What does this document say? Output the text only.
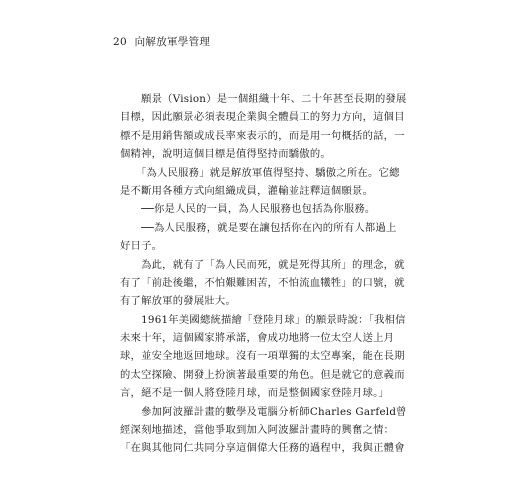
20 向解放軍學管理
　　願景（Vision）是一個組織十年、二十年甚至長期的發展
目標，因此願景必須表現企業與全體員工的努力方向，這個目
標不是用銷售額或成長率來表示的，而是用一句概括的話，一
個精神，說明這個目標是值得堅持而驕傲的。
　　「為人民服務」就是解放軍值得堅持、驕傲之所在。它總
是不斷用各種方式向組織成員，灌輸並註釋這個願景。
　　──你是人民的一員，為人民服務也包括為你服務。
　　──為人民服務，就是要在讓包括你在內的所有人都過上
好日子。
　　為此，就有了「為人民而死，就是死得其所」的理念，就
有了「前赴後繼，不怕艱難困苦，不怕流血犧牲」的口號，就
有了解放軍的發展壯大。
　　1961年美國總統描繪「登陸月球」的願景時說：「我相信
未來十年，這個國家將承諾，會成功地將一位太空人送上月
球，並安全地返回地球。沒有一項單獨的太空專案，能在長期
的太空探險、開發上扮演著最重要的角色。但是就它的意義而
言，絕不是一個人將登陸月球，而是整個國家登陸月球。」
　　參加阿波羅計畫的數學及電腦分析師Charles Garfeld曾
經深刻地描述，當他爭取到加入阿波羅計畫時的興奮之情：
「在與其他同仁共同分享這個偉大任務的過程中，我與正體會
